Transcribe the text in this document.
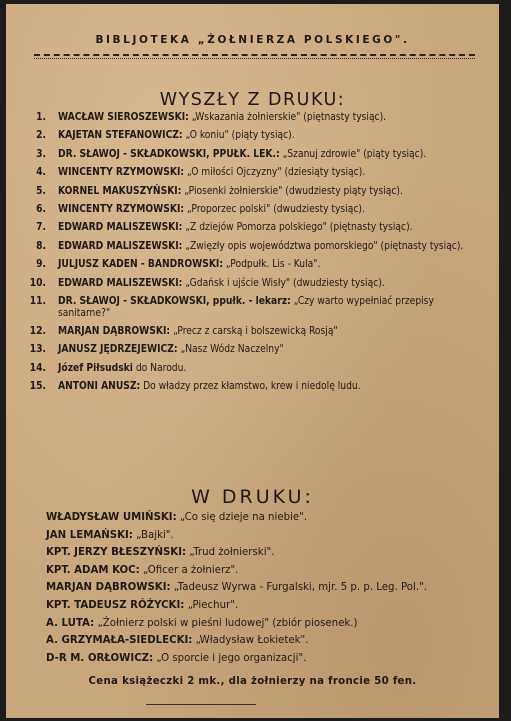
BIBLJOTEKA „ŻOŁNIERZA POLSKIEGO".
WYSZŁY Z DRUKU:
1. WACŁAW SIEROSZEWSKI: „Wskazania żołnierskie" (piętnasty tysiąc).
2. KAJETAN STEFANOWICZ: „O koniu" (piąty tysiąc).
3. DR. SŁAWOJ - SKŁADKOWSKI, PPUŁK. LEK.: „Szanuj zdrowie" (piąty tysiąc).
4. WINCENTY RZYMOWSKI: „O miłości Ojczyzny" (dziesiąty tysiąc).
5. KORNEL MAKUSZYŃSKI: „Piosenki żołnierskie" (dwudziesty piąty tysiąc).
6. WINCENTY RZYMOWSKI: „Proporzec polski" (dwudziesty tysiąc).
7. EDWARD MALISZEWSKI: „Z dziejów Pomorza polskiego" (piętnasty tysiąc).
8. EDWARD MALISZEWSKI: „Zwięzły opis województwa pomorskiego" (piętnasty tysiąc).
9. JULJUSZ KADEN - BANDROWSKI: „Podpułk. Lis - Kula".
10. EDWARD MALISZEWSKI: „Gdańsk i ujście Wisły" (dwudziesty tysiąc).
11. DR. SŁAWOJ - SKŁADKOWSKI, ppułk. - lekarz: „Czy warto wypełniać przepisy sanitarne?"
12. MARJAN DĄBROWSKI: „Precz z carską i bolszewicką Rosją"
13. JANUSZ JĘDRZEJEWICZ: „Nasz Wódz Naczelny"
14. Józef Piłsudski do Narodu.
15. ANTONI ANUSZ: Do władzy przez kłamstwo, krew i niedolę ludu.
W DRUKU:
WŁADYSŁAW UMIŃSKI: „Co się dzieje na niebie".
JAN LEMAŃSKI: „Bajki".
KPT. JERZY BŁESZYŃSKI: „Trud żołnierski".
KPT. ADAM KOC: „Oficer a żołnierz".
MARJAN DĄBROWSKI: „Tadeusz Wyrwa - Furgalski, mjr. 5 p. p. Leg. Pol.".
KPT. TADEUSZ RÓŻYCKI: „Piechur".
A. LUTA: „Żołnierz polski w pieśni ludowej" (zbiór piosenek.)
A. GRZYMAŁA-SIEDLECKI: „Władysław Łokietek".
D-R M. ORŁOWICZ: „O sporcie i jego organizacji".
Cena książeczki 2 mk., dla żołnierzy na froncie 50 fen.
